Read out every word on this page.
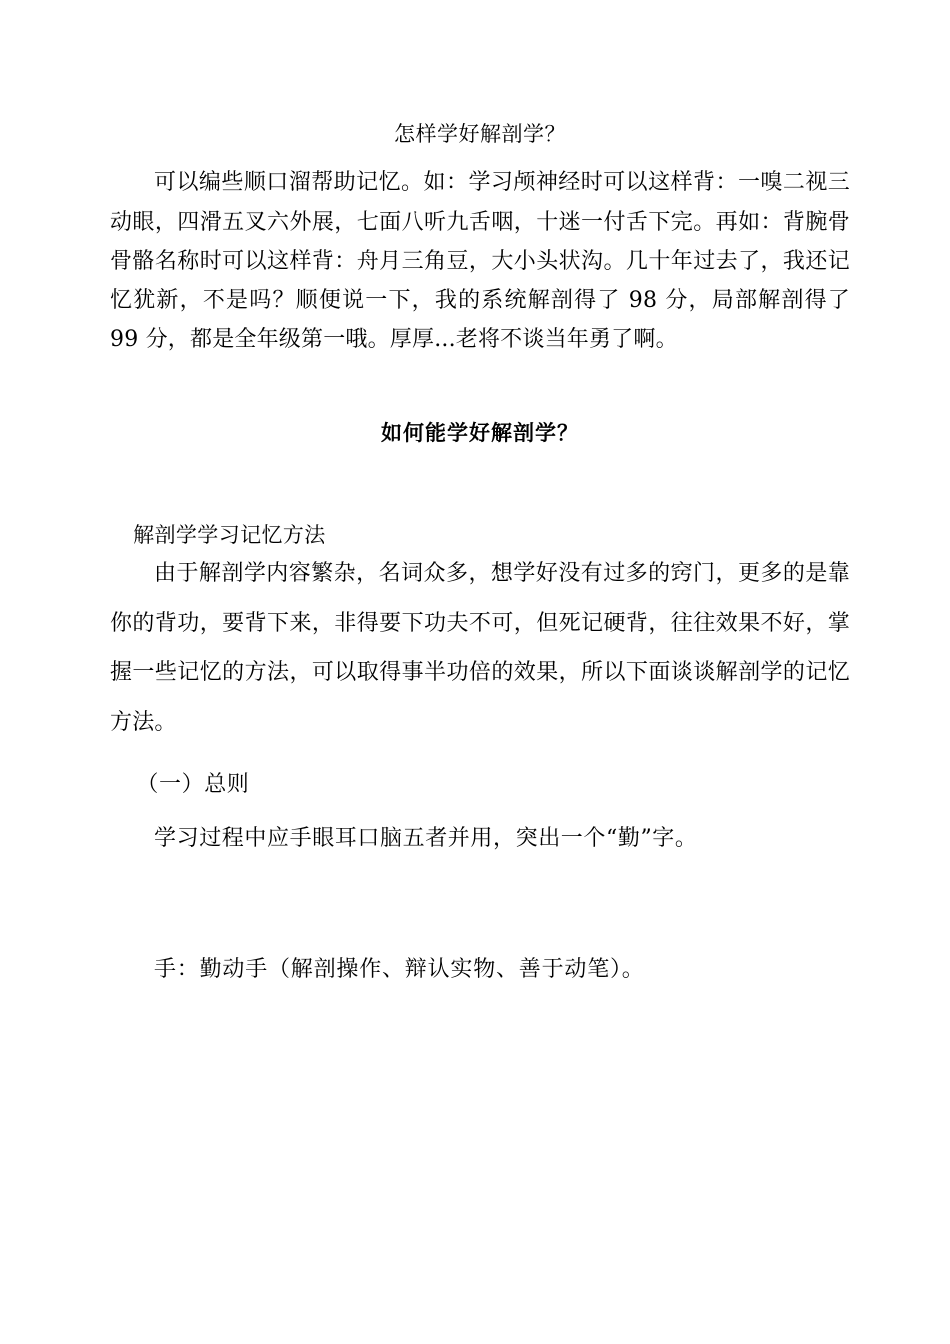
怎样学好解剖学？

可以编些顺口溜帮助记忆。如：学习颅神经时可以这样背：一嗅二视三动眼，四滑五叉六外展，七面八听九舌咽，十迷一付舌下完。再如：背腕骨骨骼名称时可以这样背：舟月三角豆，大小头状沟。几十年过去了，我还记忆犹新，不是吗？顺便说一下，我的系统解剖得了 98 分，局部解剖得了 99 分，都是全年级第一哦。厚厚...老将不谈当年勇了啊。

如何能学好解剖学？

解剖学学习记忆方法

由于解剖学内容繁杂，名词众多，想学好没有过多的窍门，更多的是靠你的背功，要背下来，非得要下功夫不可，但死记硬背，往往效果不好，掌握一些记忆的方法，可以取得事半功倍的效果，所以下面谈谈解剖学的记忆方法。

（一）总则

学习过程中应手眼耳口脑五者并用，突出一个“勤”字。

手：勤动手（解剖操作、辩认实物、善于动笔）。
